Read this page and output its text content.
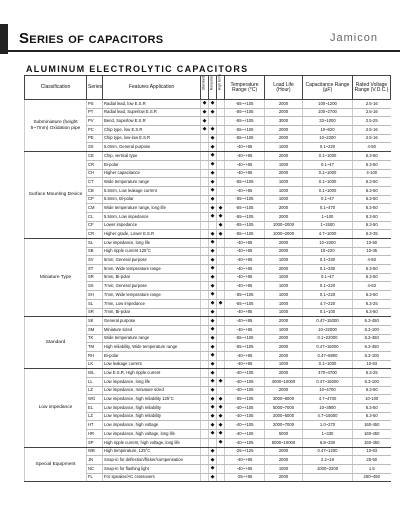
Series of capacitors	Jamicon
ALUMINUM ELECTROLYTIC CAPACITORS
Classification	Series	Features Application	Standard	Nonpolar	High temp	Temperature Range (°C)	Load Life (Hour)	Capacitance Range (µF)	Rated Voltage Range (V.D.C.)
Subminiature (height 5~7mm) Oxidation pipe	PS	Radial lead, low E.S.R	◆	◆		-55~+105	2000	100~1200	2.5-16
	PT	Radial lead, Superlow E.S.R	◆	◆		-55~+105	2000	100~2700	2.5-16
	PV	Bend, Superlow E.S.R	◆			-55~+105	3000	33~1000	2.5-25
	PC	Chip type, low E.S.R	◆	◆		-55~+105	2000	10~820	2.5-16
	PE	Chip type, low-low E.S.R		◆		-55~+105	2000	10~2200	2.5-16
	SS	5.0mm, General purpose		◆		-40~+85	1000	0.1~220	4-50
Surface Mounting Device	CE	Chip, vertical type		◆		-40~+85	2000	0.1~1000	6.3-50
	CR	Bi-polar		◆		-40~+85	1000	0.1~47	6.3-50
	CH	Higher capacitance		◆		-40~+85	2000	0.1~1000	4-100
	CT	Wide temperature range		◆		-55~+105	1000	0.1~1000	6.3-50
	CB	5.5mm, Low leakage current		◆		-40~+85	1000	0.1~1000	6.3-50
	CP	5.5mm, Bi-polar		◆		-55~+105	1000	0.1~47	6.3-50
	CM	Wide temperature range, long life		◆	◆	-55~+105	2000	0.1~470	6.3-50
	CL	5.5mm, Low impedance		◆	◆	-55~+105	2000	1~100	6.3-50
	CF	Lower impedance			◆	-55~+105	1000~2000	1~1500	6.3-50
	CR	Higher grade, Lower E.S.R		◆	◆	-55~+105	1000~2000	4.7~1000	6.3-35
Miniature Type	SL	Low impedance, long life		◆		-40~+85	2000	10~2200	10-50
	SB	High ripple current 125°C		◆		-40~+85	2000	10~220	10-35
	SV	5mm, General purpose		◆		-40~+85	1000	0.1~330	4-50
	ST	5mm, Wide temperature range		◆		-40~+85	2000	0.1~330	6.3-50
	SR	5mm, Bi-polar		◆		-40~+85	1000	0.1~47	6.3-50
	SS	7mm, General purpose		◆		-40~+85	1000	0.1~220	4-63
	SH	7mm, Wide temperature range		◆		-55~+105	1000	0.1~220	6.3-50
	SL	7mm, Low impedance		◆	◆	-55~+105	1000	4.7~220	6.3-25
	SR	7mm, Bi-polar		◆		-40~+85	1000	0.1~100	6.3-50
Standard	SK	General purpose		◆		-40~+85	2000	0.47~15000	6.3-450
	SM	Miniature sized		◆		-40~+85	1000	10~22000	6.3-100
	TK	Wide temperature range		◆		-55~+105	2000	0.1~22000	6.3-450
	TM	High reliability, Wide temperature range		◆		-55~+105	2000	0.47~15000	6.3-450
	RH	Bi-polar		◆		-40~+85	2000	0.47~6800	6.3-100
	LK	Low leakage current		◆		-40~+85	1000	0.1~1000	10-63
Low impedance	WL	Low E.S.R, High ripple current		◆		-40~+105	2000	470~4700	6.3-25
	LL	Low impedance, long life		◆	◆	-40~+105	4000~10000	0.47~15000	6.3-100
	LZ	Low impedance, miniature sized		◆		-40~+105	2000	10~4700	6.3-50
	WG	Low impedance, high reliability 125°C		◆	◆	-55~+105	3000~6000	4.7~4700	10-100
	EL	Low impedance, high reliability		◆	◆	-40~+105	5000~7000	10~3900	6.3-50
	LZ	Low impedance, high reliability		◆	◆	-40~+105	2000~5000	4.7~15000	6.3-50
	HT	Low impedance, high voltage		◆	◆	-40~+105	2000~7000	1.0~270	160-450
	HR	Low impedance, high voltage, long life		◆	◆	-40~+105	5000	1~330	160-450
	SP	High ripple current, high voltage, long life			◆	-40~+105	5000~10000	6.8~330	160-450
Special Equipment	WB	High temperature, 125°C		◆		-25~+125	2000	0.47~1200	10-63
	JN	Snap-in for deflection/flicker/compensation		◆		-40~+85	2000	2.2~18	25-50
	NC	Snap-in for flashing light		◆		-40~+85	1000	1000~2200	1.5
	FL	For speaker/AC crossovers		◆		-25~+85	2000		250~450
